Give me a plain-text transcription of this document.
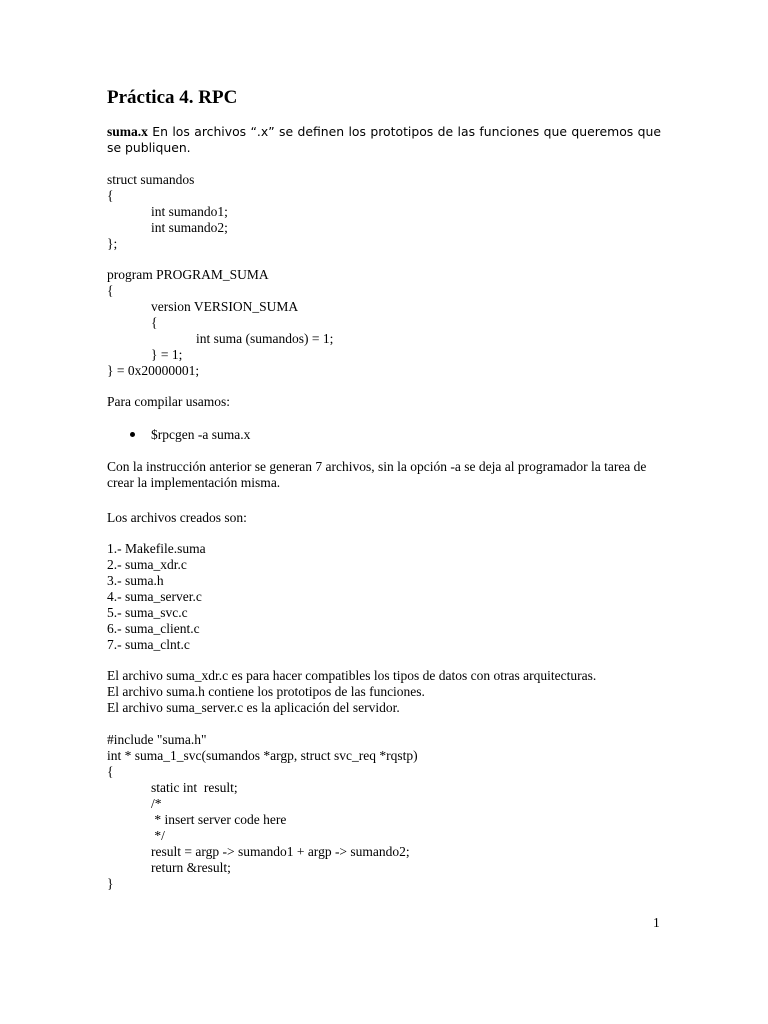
Práctica 4. RPC
suma.x En los archivos “.x” se definen los prototipos de las funciones que queremos que se publiquen.
struct sumandos
{
int sumando1;
int sumando2;
};
program PROGRAM_SUMA
{
version VERSION_SUMA
{
int suma (sumandos) = 1;
} = 1;
} = 0x20000001;
Para compilar usamos:
$rpcgen -a suma.x
Con la instrucción anterior se generan 7 archivos, sin la opción -a se deja al programador la tarea de crear la implementación misma.
Los archivos creados son:
1.- Makefile.suma
2.- suma_xdr.c
3.- suma.h
4.- suma_server.c
5.- suma_svc.c
6.- suma_client.c
7.- suma_clnt.c
El archivo suma_xdr.c es para hacer compatibles los tipos de datos con otras arquitecturas.
El archivo suma.h contiene los prototipos de las funciones.
El archivo suma_server.c es la aplicación del servidor.
#include "suma.h"
int * suma_1_svc(sumandos *argp, struct svc_req *rqstp)
{
static int  result;
/*
* insert server code here
*/
result = argp -> sumando1 + argp -> sumando2;
return &result;
}
1
